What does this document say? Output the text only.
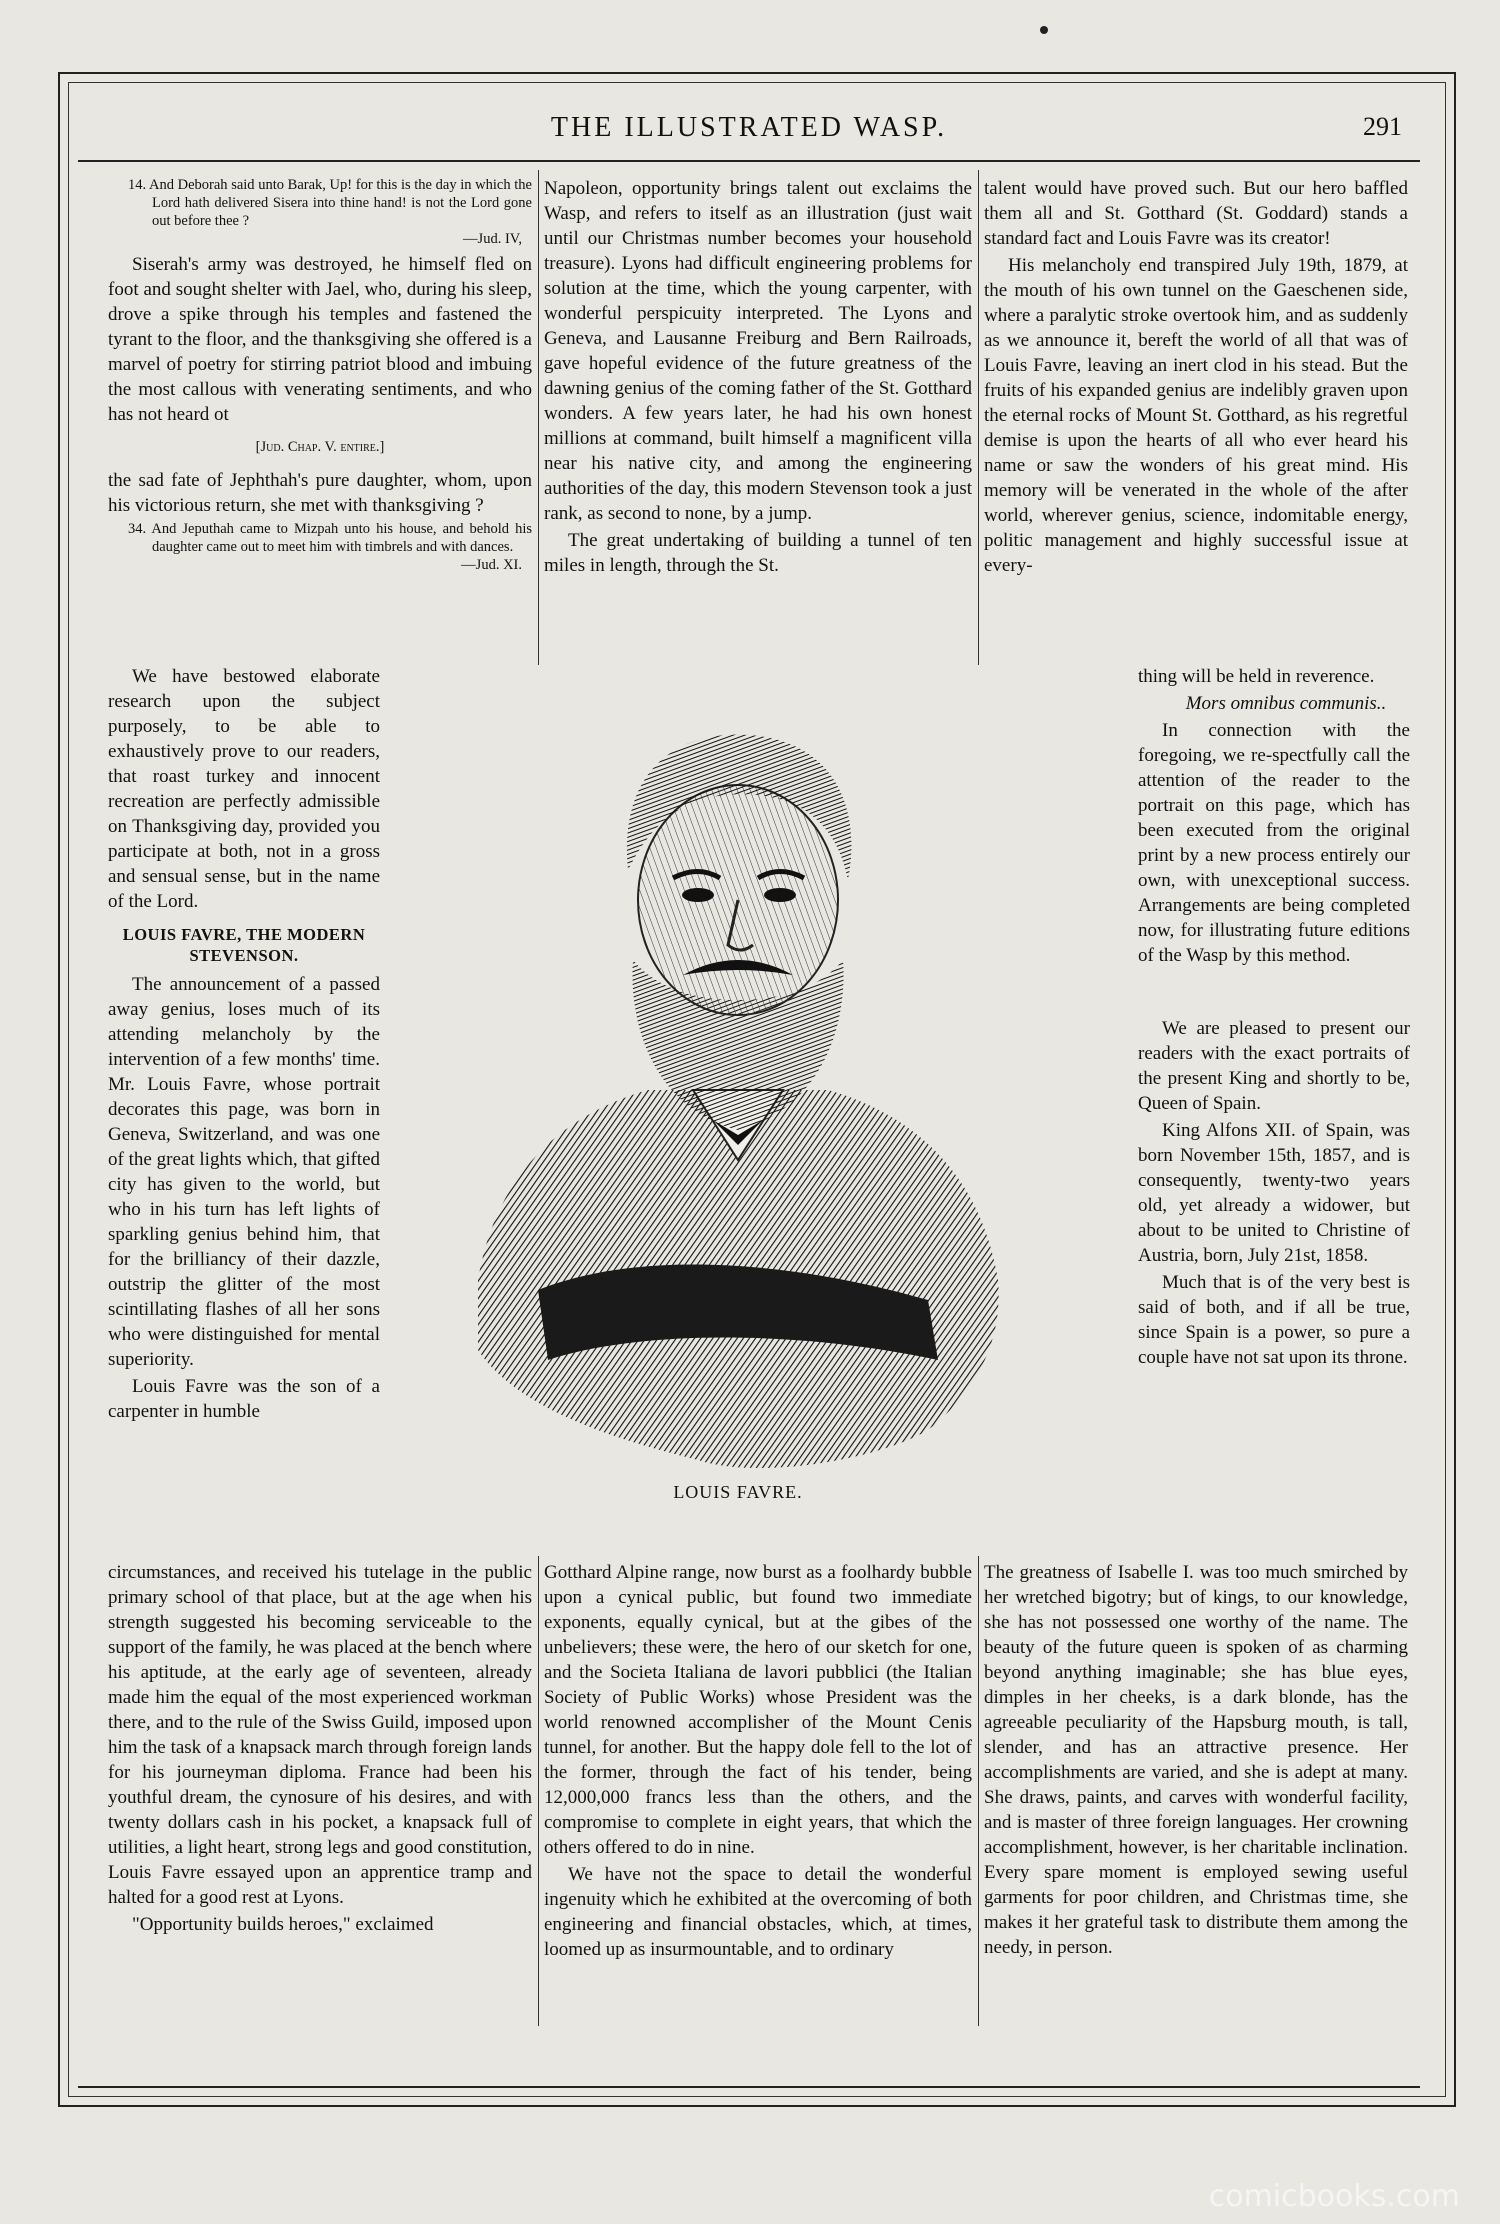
THE ILLUSTRATED WASP.	291
14. And Deborah said unto Barak, Up! for this is the day in which the Lord hath delivered Sisera into thine hand! is not the Lord gone out before thee ?
—Jud. IV,

Siserah's army was destroyed, he himself fled on foot and sought shelter with Jael, who, during his sleep, drove a spike through his temples and fastened the tyrant to the floor, and the thanksgiving she offered is a marvel of poetry for stirring patriot blood and imbuing the most callous with venerating sentiments, and who has not heard ot

[Jud. Chap. V. entire.]

the sad fate of Jephthah's pure daughter, whom, upon his victorious return, she met with thanksgiving ?

34. And Jeputhah came to Mizpah unto his house, and behold his daughter came out to meet him with timbrels and with dances.
—Jud. XI.

We have bestowed elaborate research upon the subject purposely, to be able to exhaustively prove to our readers, that roast turkey and innocent recreation are perfectly admissible on Thanksgiving day, provided you participate at both, not in a gross and sensual sense, but in the name of the Lord.

LOUIS FAVRE, THE MODERN STEVENSON.

The announcement of a passed away genius, loses much of its attending melancholy by the intervention of a few months' time. Mr. Louis Favre, whose portrait decorates this page, was born in Geneva, Switzerland, and was one of the great lights which, that gifted city has given to the world, but who in his turn has left lights of sparkling genius behind him, that for the brilliancy of their dazzle, outstrip the glitter of the most scintillating flashes of all her sons who were distinguished for mental superiority.

Louis Favre was the son of a carpenter in humble

Napoleon, opportunity brings talent out exclaims the Wasp, and refers to itself as an illustration (just wait until our Christmas number becomes your household treasure). Lyons had difficult engineering problems for solution at the time, which the young carpenter, with wonderful perspicuity interpreted. The Lyons and Geneva, and Lausanne Freiburg and Bern Railroads, gave hopeful evidence of the future greatness of the dawning genius of the coming father of the St. Gotthard wonders. A few years later, he had his own honest millions at command, built himself a magnificent villa near his native city, and among the engineering authorities of the day, this modern Stevenson took a just rank, as second to none, by a jump.

The great undertaking of building a tunnel of ten miles in length, through the St.

talent would have proved such. But our hero baffled them all and St. Gotthard (St. Goddard) stands a standard fact and Louis Favre was its creator!

His melancholy end transpired July 19th, 1879, at the mouth of his own tunnel on the Gaeschenen side, where a paralytic stroke overtook him, and as suddenly as we announce it, bereft the world of all that was of Louis Favre, leaving an inert clod in his stead. But the fruits of his expanded genius are indelibly graven upon the eternal rocks of Mount St. Gotthard, as his regretful demise is upon the hearts of all who ever heard his name or saw the wonders of his great mind. His memory will be venerated in the whole of the after world, wherever genius, science, indomitable energy, politic management and highly successful issue at every-

thing will be held in reverence.

Mors omnibus communis..

In connection with the foregoing, we re-spectfully call the attention of the reader to the portrait on this page, which has been executed from the original print by a new process entirely our own, with unexceptional success. Arrangements are being completed now, for illustrating future editions of the Wasp by this method.

We are pleased to present our readers with the exact portraits of the present King and shortly to be, Queen of Spain.

King Alfons XII. of Spain, was born November 15th, 1857, and is consequently, twenty-two years old, yet already a widower, but about to be united to Christine of Austria, born, July 21st, 1858.

Much that is of the very best is said of both, and if all be true, since Spain is a power, so pure a couple have not sat upon its throne.

LOUIS FAVRE.

circumstances, and received his tutelage in the public primary school of that place, but at the age when his strength suggested his becoming serviceable to the support of the family, he was placed at the bench where his aptitude, at the early age of seventeen, already made him the equal of the most experienced workman there, and to the rule of the Swiss Guild, imposed upon him the task of a knapsack march through foreign lands for his journeyman diploma. France had been his youthful dream, the cynosure of his desires, and with twenty dollars cash in his pocket, a knapsack full of utilities, a light heart, strong legs and good constitution, Louis Favre essayed upon an apprentice tramp and halted for a good rest at Lyons.

"Opportunity builds heroes," exclaimed

Gotthard Alpine range, now burst as a foolhardy bubble upon a cynical public, but found two immediate exponents, equally cynical, but at the gibes of the unbelievers; these were, the hero of our sketch for one, and the Societa Italiana de lavori pubblici (the Italian Society of Public Works) whose President was the world renowned accomplisher of the Mount Cenis tunnel, for another. But the happy dole fell to the lot of the former, through the fact of his tender, being 12,000,000 francs less than the others, and the compromise to complete in eight years, that which the others offered to do in nine.

We have not the space to detail the wonderful ingenuity which he exhibited at the overcoming of both engineering and financial obstacles, which, at times, loomed up as insurmountable, and to ordinary

The greatness of Isabelle I. was too much smirched by her wretched bigotry; but of kings, to our knowledge, she has not possessed one worthy of the name. The beauty of the future queen is spoken of as charming beyond anything imaginable; she has blue eyes, dimples in her cheeks, is a dark blonde, has the agreeable peculiarity of the Hapsburg mouth, is tall, slender, and has an attractive presence. Her accomplishments are varied, and she is adept at many. She draws, paints, and carves with wonderful facility, and is master of three foreign languages. Her crowning accomplishment, however, is her charitable inclination. Every spare moment is employed sewing useful garments for poor children, and Christmas time, she makes it her grateful task to distribute them among the needy, in person.

comicbooks.com
